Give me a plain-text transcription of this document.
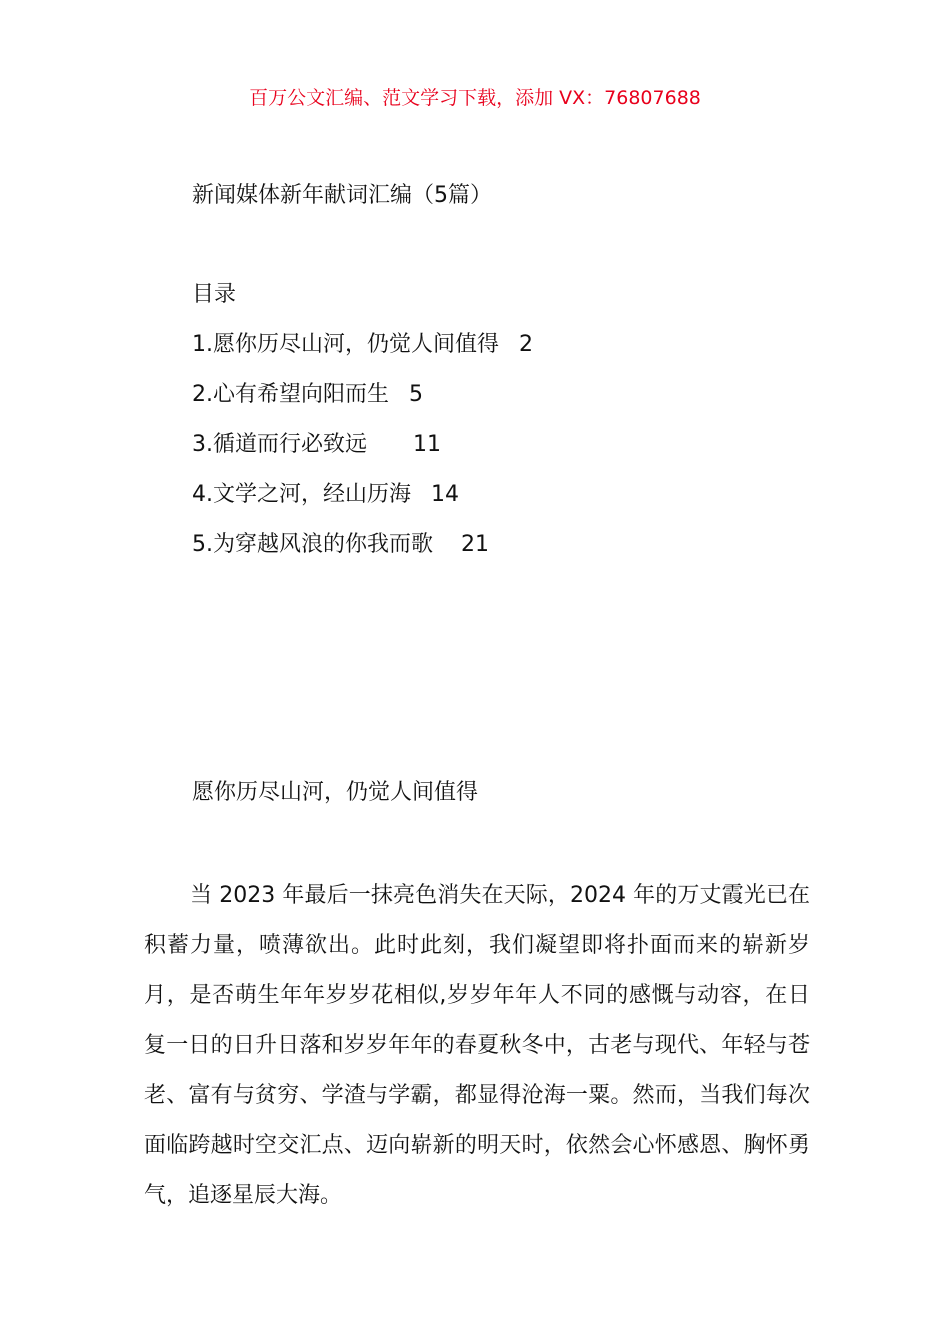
百万公文汇编、范文学习下载，添加 VX：76807688
新闻媒体新年献词汇编（5篇）
目录
1.愿你历尽山河，仍觉人间值得 2
2.心有希望向阳而生 5
3.循道而行必致远 11
4.文学之河，经山历海 14
5.为穿越风浪的你我而歌 21
愿你历尽山河，仍觉人间值得

当 2023 年最后一抹亮色消失在天际，2024 年的万丈霞光已在积蓄力量，喷薄欲出。此时此刻，我们凝望即将扑面而来的崭新岁月，是否萌生年年岁岁花相似,岁岁年年人不同的感慨与动容，在日复一日的日升日落和岁岁年年的春夏秋冬中，古老与现代、年轻与苍老、富有与贫穷、学渣与学霸，都显得沧海一粟。然而，当我们每次面临跨越时空交汇点、迈向崭新的明天时，依然会心怀感恩、胸怀勇气，追逐星辰大海。
